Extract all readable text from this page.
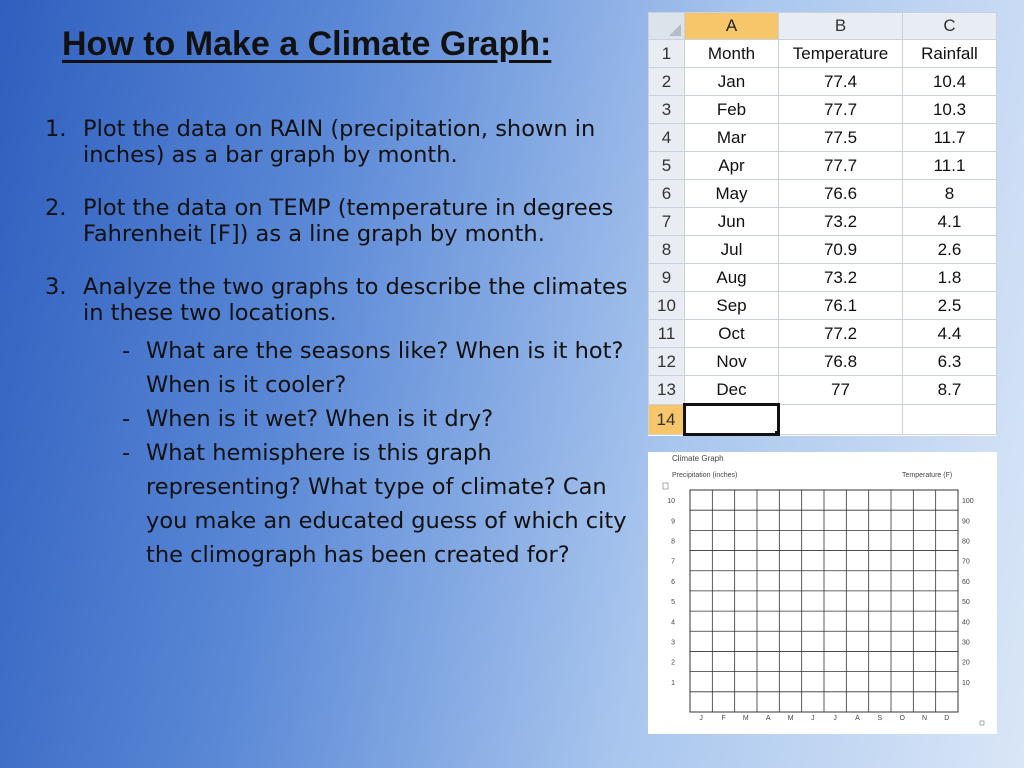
How to Make a Climate Graph:
1. Plot the data on RAIN (precipitation, shown in inches) as a bar graph by month.
2. Plot the data on TEMP (temperature in degrees Fahrenheit [F]) as a line graph by month.
3. Analyze the two graphs to describe the climates in these two locations.
- What are the seasons like? When is it hot? When is it cooler?
- When is it wet? When is it dry?
- What hemisphere is this graph representing? What type of climate? Can you make an educated guess of which city the climograph has been created for?
	A	B	C
1	Month	Temperature	Rainfall
2	Jan	77.4	10.4
3	Feb	77.7	10.3
4	Mar	77.5	11.7
5	Apr	77.7	11.1
6	May	76.6	8
7	Jun	73.2	4.1
8	Jul	70.9	2.6
9	Aug	73.2	1.8
10	Sep	76.1	2.5
11	Oct	77.2	4.4
12	Nov	76.8	6.3
13	Dec	77	8.7
14	

Climate Graph
Precipitation (inches)	Temperature (F)
10
9
8
7
6
5
4
3
2
1
100
90
80
70
60
50
40
30
20
10
J	F M A M	J	J	A	S O N D
